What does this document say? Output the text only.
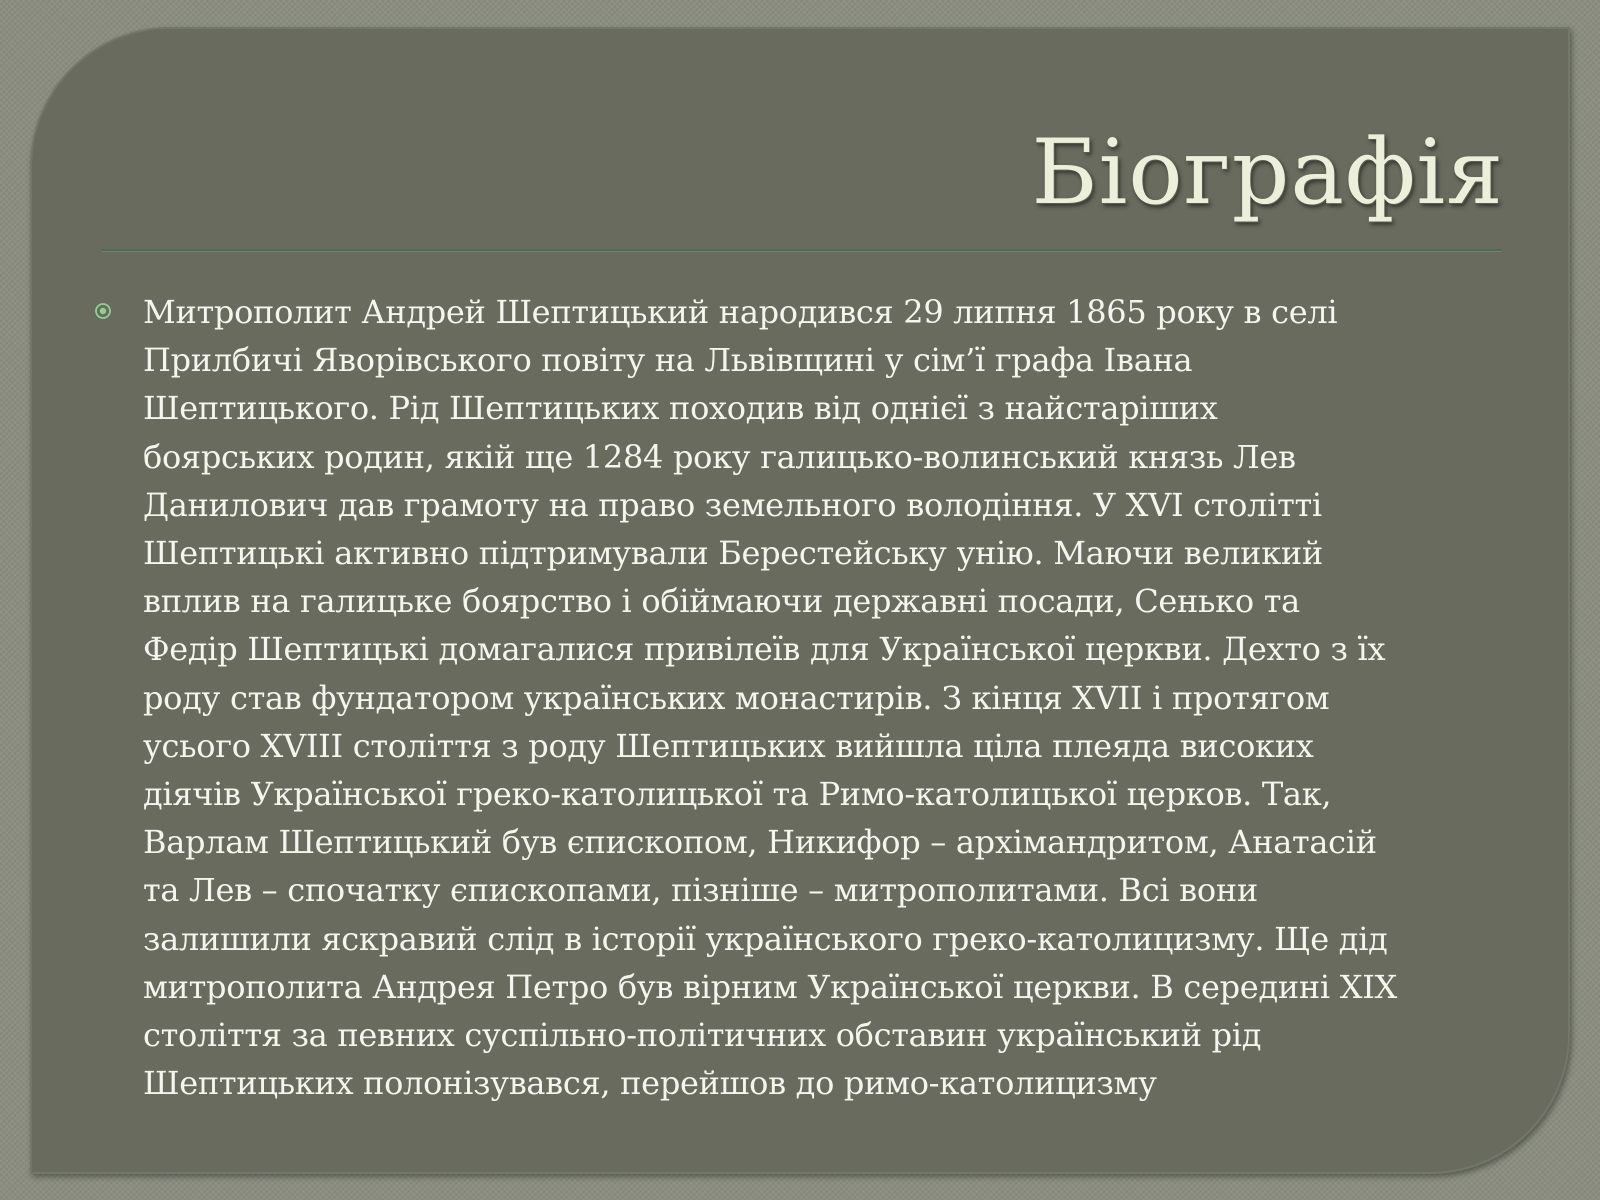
Біографія

Митрополит Андрей Шептицький народився 29 липня 1865 року в селі
Прилбичі Яворівського повіту на Львівщині у сім’ї графа Івана
Шептицького. Рід Шептицьких походив від однієї з найстаріших
боярських родин, якій ще 1284 року галицько-волинський князь Лев
Данилович дав грамоту на право земельного володіння. У XVI столітті
Шептицькі активно підтримували Берестейську унію. Маючи великий
вплив на галицьке боярство і обіймаючи державні посади, Сенько та
Федір Шептицькі домагалися привілеїв для Української церкви. Дехто з їх
роду став фундатором українських монастирів. З кінця XVII і протягом
усього XVIII століття з роду Шептицьких вийшла ціла плеяда високих
діячів Української греко-католицької та Римо-католицької церков. Так,
Варлам Шептицький був єпископом, Никифор – архімандритом, Анатасій
та Лев – спочатку єпископами, пізніше – митрополитами. Всі вони
залишили яскравий слід в історії українського греко-католицизму. Ще дід
митрополита Андрея Петро був вірним Української церкви. В середині XIX
століття за певних суспільно-політичних обставин український рід
Шептицьких полонізувався, перейшов до римо-католицизму
